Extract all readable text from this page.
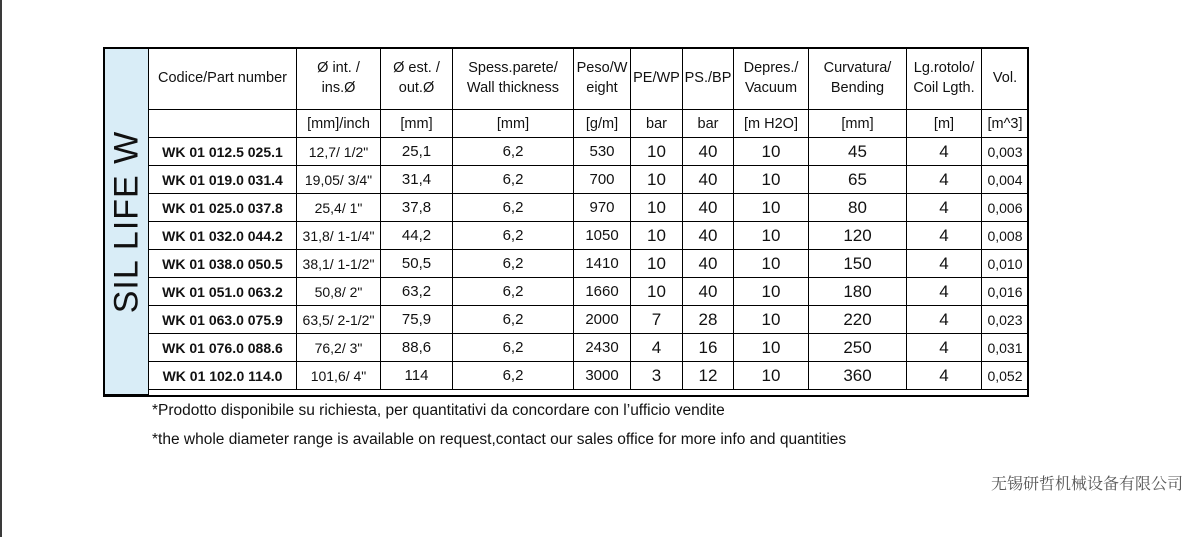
SIL LIFE W
Codice/Part number	Ø int. /
ins.Ø	Ø est. /
out.Ø	Spess.parete/
Wall thickness	Peso/W
eight	PE/WP	PS./BP	Depres./
Vacuum	Curvatura/
Bending	Lg.rotolo/
Coil Lgth.	Vol.
	[mm]/inch	[mm]	[mm]	[g/m]	bar	bar	[m H2O]	[mm]	[m]	[m^3]
WK 01 012.5 025.1	12,7/ 1/2"	25,1	6,2	530	10	40	10	45	4	0,003
WK 01 019.0 031.4	19,05/ 3/4"	31,4	6,2	700	10	40	10	65	4	0,004
WK 01 025.0 037.8	25,4/ 1"	37,8	6,2	970	10	40	10	80	4	0,006
WK 01 032.0 044.2	31,8/ 1-1/4"	44,2	6,2	1050	10	40	10	120	4	0,008
WK 01 038.0 050.5	38,1/ 1-1/2"	50,5	6,2	1410	10	40	10	150	4	0,010
WK 01 051.0 063.2	50,8/ 2"	63,2	6,2	1660	10	40	10	180	4	0,016
WK 01 063.0 075.9	63,5/ 2-1/2"	75,9	6,2	2000	7	28	10	220	4	0,023
WK 01 076.0 088.6	76,2/ 3"	88,6	6,2	2430	4	16	10	250	4	0,031
WK 01 102.0 114.0	101,6/ 4"	114	6,2	3000	3	12	10	360	4	0,052
*Prodotto disponibile su richiesta, per quantitativi da concordare con l’ufficio vendite
*the whole diameter range is available on request,contact our sales office for more info and quantities
无锡研哲机械设备有限公司
